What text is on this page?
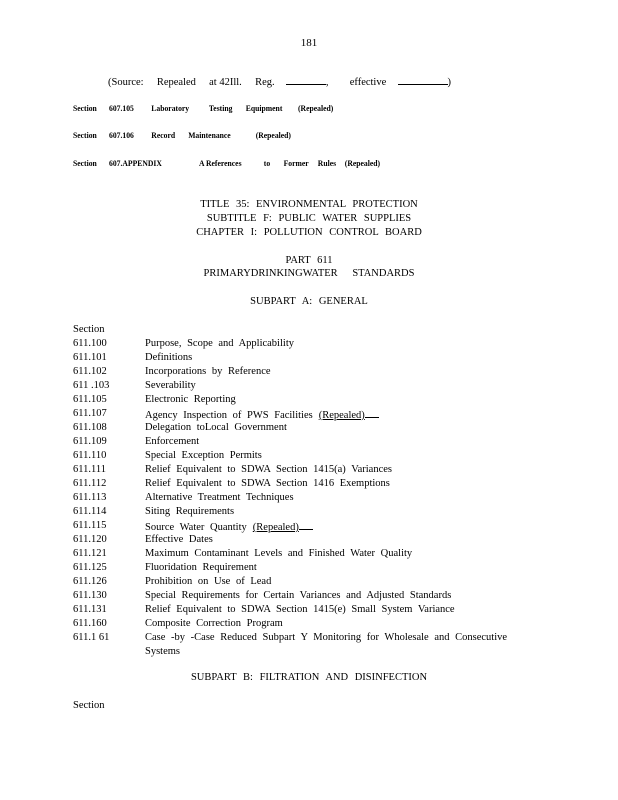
181
(Source: Repealed at 42Ill. Reg.	, effective	)
Section 607.105 Laboratory Testing Equipment (Repealed)
Section 607.106 Record Maintenance	(Repealed)
Section 607.APPENDIX	A References	to Former Rules (Repealed)
TITLE 35: ENVIRONMENTAL PROTECTION
SUBTITLE F: PUBLIC WATER SUPPLIES
CHAPTER I: POLLUTION CONTROL BOARD
PART 611
PRIMARYDRINKINGWATER STANDARDS
SUBPART A: GENERAL
Section
611.100	Purpose, Scope and Applicability
611.101	Definitions
611.102	Incorporations by Reference
611 .103	Severability
611.105	Electronic Reporting
611.107	Agency Inspection of PWS Facilities (Repealed)
611.108	Delegation toLocal Government
611.109	Enforcement
611.110	Special Exception Permits
611.111	Relief Equivalent to SDWA Section 1415(a) Variances
611.112	Relief Equivalent to SDWA Section 1416 Exemptions
611.113	Alternative Treatment Techniques
611.114	Siting Requirements
611.115	Source Water Quantity (Repealed)
611.120	Effective Dates
611.121	Maximum Contaminant Levels and Finished Water Quality
611.125	Fluoridation Requirement
611.126	Prohibition on Use of Lead
611.130	Special Requirements for Certain Variances and Adjusted Standards
611.131	Relief Equivalent to SDWA Section 1415(e) Small System Variance
611.160	Composite Correction Program
611.1 61	Case -by -Case Reduced Subpart Y Monitoring for Wholesale and Consecutive
Systems
SUBPART B: FILTRATION AND DISINFECTION
Section
